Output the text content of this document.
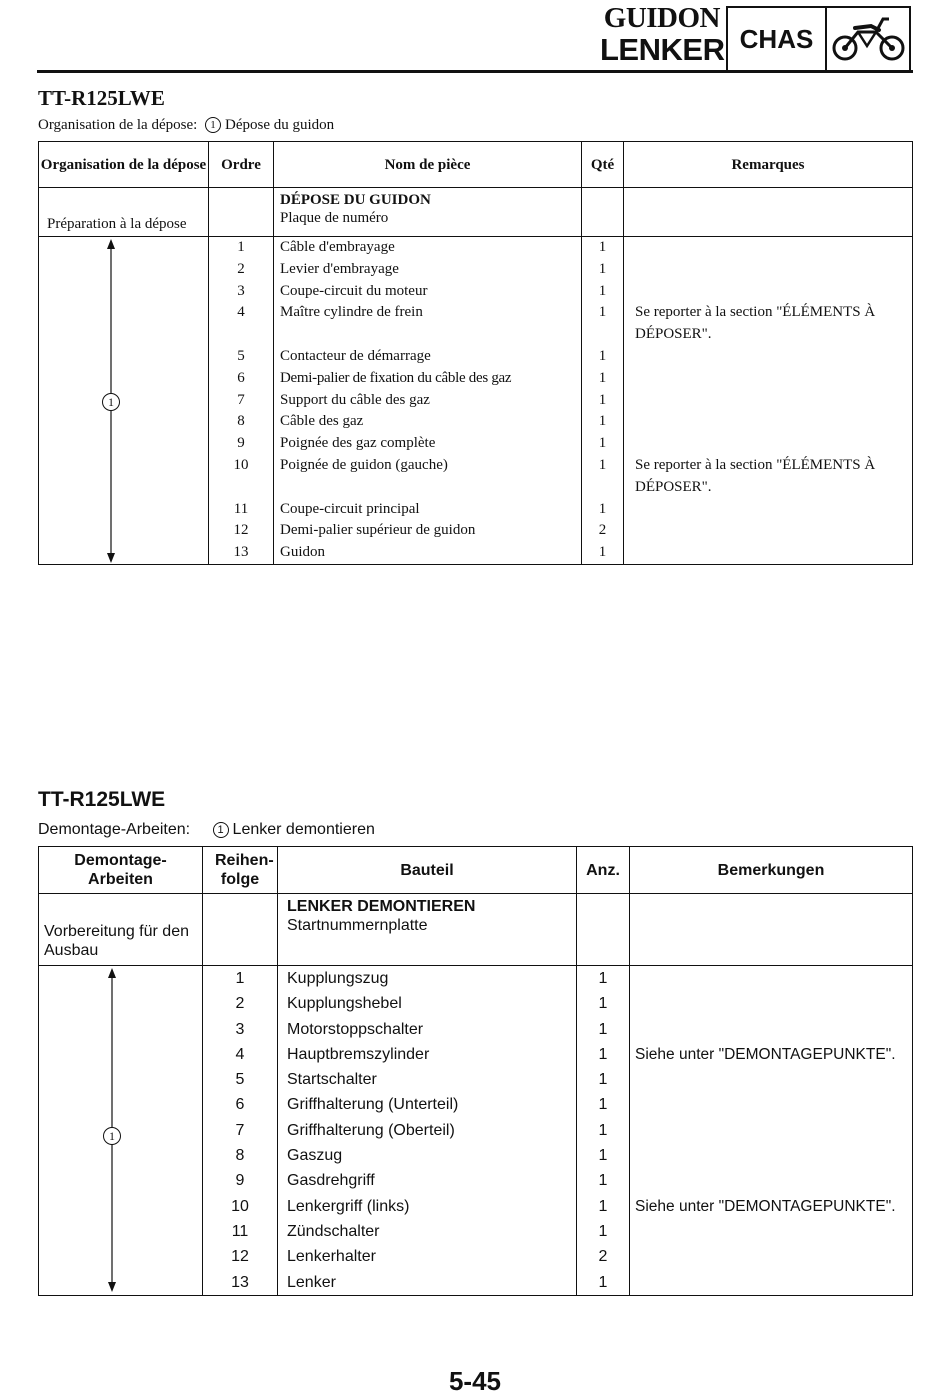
GUIDON
LENKER CHAS
TT-R125LWE
Organisation de la dépose: 1 Dépose du guidon
Organisation de la dépose	Ordre	Nom de pièce	Qté	Remarques
Préparation à la dépose		DÉPOSE DU GUIDON
Plaque de numéro		

1	1	Câble d'embrayage	1	
	2	Levier d'embrayage	1	
	3	Coupe-circuit du moteur	1	
	4	Maître cylindre de frein	1	Se reporter à la section "ÉLÉMENTS À DÉPOSER".
	5	Contacteur de démarrage	1	
	6	Demi-palier de fixation du câble des gaz	1	
	7	Support du câble des gaz	1	
	8	Câble des gaz	1	
	9	Poignée des gaz complète	1	
	10	Poignée de guidon (gauche)	1	Se reporter à la section "ÉLÉMENTS À DÉPOSER".
	11	Coupe-circuit principal	1	
	12	Demi-palier supérieur de guidon	2	
	13	Guidon	1	
TT-R125LWE
Demontage-Arbeiten: 1 Lenker demontieren
Demontage-Arbeiten	Reihen-folge	Bauteil	Anz.	Bemerkungen
Vorbereitung für den Ausbau		LENKER DEMONTIEREN
Startnummernplatte		

1	1	Kupplungszug	1	
	2	Kupplungshebel	1	
	3	Motorstoppschalter	1	
	4	Hauptbremszylinder	1	Siehe unter "DEMONTAGEPUNKTE".
	5	Startschalter	1	
	6	Griffhalterung (Unterteil)	1	
	7	Griffhalterung (Oberteil)	1	
	8	Gaszug	1	
	9	Gasdrehgriff	1	
	10	Lenkergriff (links)	1	Siehe unter "DEMONTAGEPUNKTE".
	11	Zündschalter	1	
	12	Lenkerhalter	2	
	13	Lenker	1	
5-45
